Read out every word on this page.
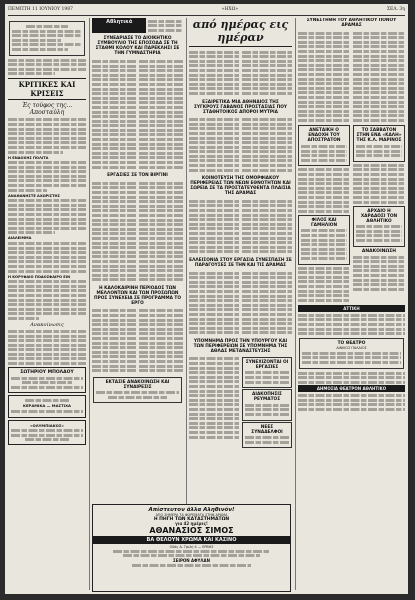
ΠΕΜΠΤΗ 11 ΙΟΥΝΙΟΥ 1987	«ΗΧΩ»	ΣΕΛ. 3η
ΚΡΙΤΙΚΕΣ ΚΑΙ ΚΡΙΣΕΙΣ
Ές τούφος της... Αποσταύλη
Η ΕΝΔΟΧΗΣ ΠΟΛΙΤΑ
ΑΝΑΘΑΝΗΣΤΕ ΑΧΩΡΙΣΤΗΣ
ΔΙΑΛΕΙΜΜΑ
Η ΚΟΡΥΦΑΙΟ ΠΟΔΟΣΦΑΙΡΟ ΕΙΝ
Ανακοίνωσις
ΣΩΤΗΡΙΟΥ ΜΠΟΛΑΟΥ
ΚΕΡΑΜΙΚΑ — ΜΑΣΤΙΧΑ
«ΟΛΥΜΠΙΑΚΟΣ»
Αθλητικά
ΣΥΝΕΔΡΙΑΣΕ ΤΟ ΔΙΟΙΚΗΤΙΚΟ ΣΥΜΒΟΥΛΙΟ ΤΗΣ ΕΠΟΣΟΔΑ ΣΕ ΤΗ ΣΤΑΘΜΙ ΚΟΛΟΥ ΚΑΙ ΠΑΡΕΚΛΗΣΙ ΣΕ ΤΗΝ ΓΥΜΝΑΣΤΗΡΙΑ
ΕΡΓΑΣΙΕΣ ΣΕ ΤΟΝ ΒΙΡΓΙΝΙ
Η ΚΑΛΟΚΑΙΡΙΝΗ ΠΕΡΙΟΔΟΣ ΤΩΝ ΜΕΛΛΟΝΤΩΝ ΚΑΙ ΤΩΝ ΠΡΟΣΩΠΩΝ ΠΡΟΣ ΣΥΝΕΧΕΙΑ ΣΕ ΠΡΟΓΡΑΜΜΑ ΤΟ ΕΡΓΟ
ΕΚΤΑΣΙΕ ΑΝΑΚΟΙΝΩΣΗ ΚΑΙ ΣΥΝΑΙΡΕΣΙΣ
από ημέρας εις ημέραν
ΕΞΑΙΡΕΤΙΚΑ ΜΙΑ ΑΘΗΝΑΙΟΣ ΤΗΣ ΣΥΓΚΡΟΥΣ ΓΑΒΑΝΟΣ ΠΡΟΣΤΑΣΙΑΣ ΠΟΥ ΣΤΑΘΗΤΟΙΚΟΣ ΑΠΟΡΟΙ ΜΥΤΡΙΑ
ΚΟΙΝΟΤΕΥΣΗ ΤΗΣ ΟΜΟΡΦΙΑΚΟΥ ΠΕΡΙΦΕΡΕΙΑΣ ΤΩΝ ΝΕΩΝ ΕΘΝΟΤΗΤΩΝ ΚΑΙ ΣΩΡΕΙΑ ΣΕ ΤΑ ΠΡΟΣΤΑΤΕΥΘΕΝΤΑ ΠΛΑΙΣΙΑ ΤΗΣ ΔΡΑΜΑΣ
ΕΛΛΕΙΣΟΝΙΑ ΣΤΟΥ ΕΡΓΑΣΙΑ ΣΥΝΕΣΠΑΣΗ ΣΕ ΠΑΡΑΓΟΥΣΕΣ ΣΕ ΤΗΝ ΚΑΙ ΤΙΣ ΔΡΑΜΑΣ
ΥΠΟΜΝΗΜΑ ΠΡΟΣ ΤΗΝ ΥΠΟΥΡΓΟΥ ΚΑΙ ΤΩΝ ΠΕΡΙΦΕΡΕΙΩΝ ΣΕ ΥΠΟΜΝΗΜΑ ΤΗΣ ΑΘΛΑΣ ΜΕΤΑΝΑΣΤΕΥΣΗΣ
ΣΥΝΕΧΙΖΟΝΤΑΙ ΟΙ ΕΡΓΑΣΙΕΣ
ΔΙΑΚΟΠΗΣΙΣ ΡΕΥΜΑΤΟΣ
ΝΕΕΣ ΣΥΝΑΔΕΛΦΟΙ
ΣΥΝΕΣΤΗΘΗ ΤΟΥ ΑΘΛΗΤΙΚΟΥ ΠΟΝΟΥ ΔΡΑΜΑΣ
ΑΝΕΤΑΙΚΗ Ο ΕΝΔΟΧΗ ΤΟΥ ΑΠΟΣΤΡΑΤΟΝ
ΦΙΛΟΣ ΚΑΙ ΓΑΜΗΛΙΟΝ
ΤΟ ΣΑΒΒΑΤΟΝ ΣΤΗΝ ΕΝΑ «ΚΑΛΗ» ΤΗΣ Κ.Λ. ΜΑΡΙΝΟΣ
ΑΡΧΑΙΟ Η ΧΑΡΑΔΟΣΙ ΤΟΝ ΑΘΛΗΤΙΚΟ
ΑΝΑΚΟΙΝΩΣΗ
ΑΤΤΙΚΗ
ΤΟ ΘΕΑΤΡΟ
ΔΙΝΙΚΟΣ ΠΑΛΑΙΟΣ
ΔΗΜΟΣΙΑ ΘΕΑΤΡΟΝ ΑΘΛΗΤΙΚΟ
Απίστευτον άλλα Αληθινόν!
ΑΠΟ ΣΗΜΕΡΑ ΤΑ ΦΟΡΕΜΑΤΑ ΣΤΗΝ ΔΡΑΜΑ
Η ΠΗΓΗ ΤΩΝ ΚΑΤΑΣΤΗΜΑΤΩΝ
για 42 ημέρες!
ΑΘΑΝΑΣΙΟΣ ΣΙΜΟΣ
ΒΑ ΘΕΛΟΥΝ ΧΡΩΜΑ ΚΑΙ ΚΑΣΙΝΟ
Οδός Α. Τριλή 4 — ΕΡΒΗΣ
ΣΕΙΡΟΝ ΑΦΥΛΑΝ
